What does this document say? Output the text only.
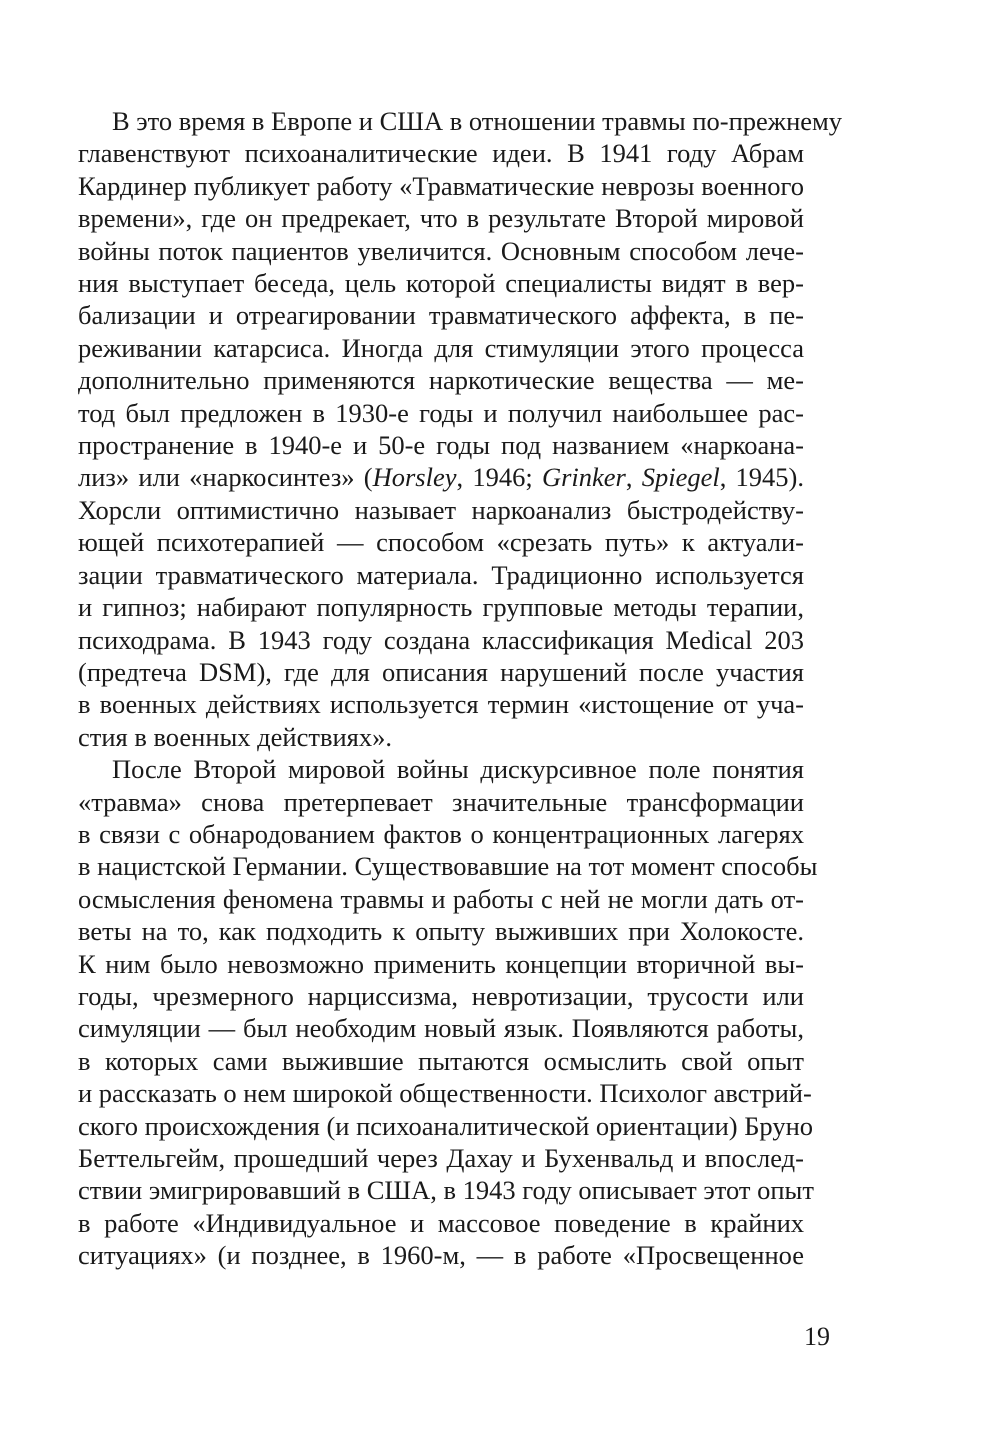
В это время в Европе и США в отношении травмы по-прежнему
главенствуют психоаналитические идеи. В 1941 году Абрам
Кардинер публикует работу «Травматические неврозы военного
времени», где он предрекает, что в результате Второй мировой
войны поток пациентов увеличится. Основным способом лече-
ния выступает беседа, цель которой специалисты видят в вер-
бализации и отреагировании травматического аффекта, в пе-
реживании катарсиса. Иногда для стимуляции этого процесса
дополнительно применяются наркотические вещества — ме-
тод был предложен в 1930-е годы и получил наибольшее рас-
пространение в 1940-е и 50-е годы под названием «наркоана-
лиз» или «наркосинтез» (Horsley, 1946; Grinker, Spiegel, 1945).
Хорсли оптимистично называет наркоанализ быстродейству-
ющей психотерапией — способом «срезать путь» к актуали-
зации травматического материала. Традиционно используется
и гипноз; набирают популярность групповые методы терапии,
психодрама. В 1943 году создана классификация Medical 203
(предтеча DSM), где для описания нарушений после участия
в военных действиях используется термин «истощение от уча-
стия в военных действиях».
После Второй мировой войны дискурсивное поле понятия
«травма» снова претерпевает значительные трансформации
в связи с обнародованием фактов о концентрационных лагерях
в нацистской Германии. Существовавшие на тот момент способы
осмысления феномена травмы и работы с ней не могли дать от-
веты на то, как подходить к опыту выживших при Холокосте.
К ним было невозможно применить концепции вторичной вы-
годы, чрезмерного нарциссизма, невротизации, трусости или
симуляции — был необходим новый язык. Появляются работы,
в которых сами выжившие пытаются осмыслить свой опыт
и рассказать о нем широкой общественности. Психолог австрий-
ского происхождения (и психоаналитической ориентации) Бруно
Беттельгейм, прошедший через Дахау и Бухенвальд и впослед-
ствии эмигрировавший в США, в 1943 году описывает этот опыт
в работе «Индивидуальное и массовое поведение в крайних
ситуациях» (и позднее, в 1960-м, — в работе «Просвещенное
19
